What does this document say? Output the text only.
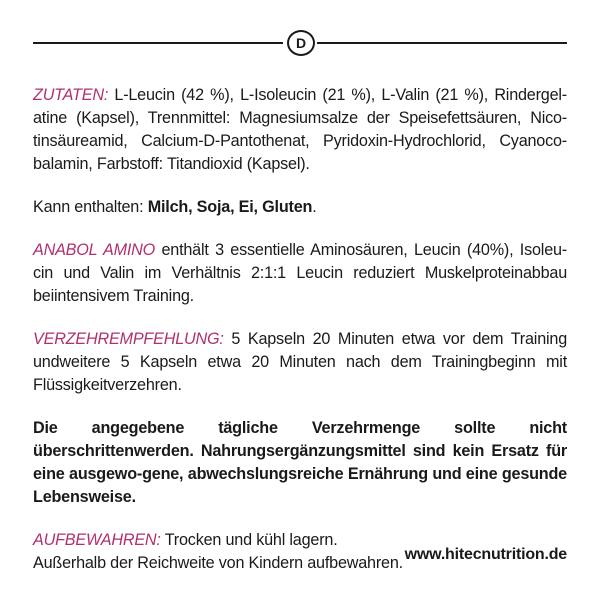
D

ZUTATEN: L-Leucin (42 %), L-Isoleucin (21 %), L-Valin (21 %), Rindergel-atine (Kapsel), Trennmittel: Magnesiumsalze der Speisefettsäuren, Nico-tinsäureamid, Calcium-D-Pantothenat, Pyridoxin-Hydrochlorid, Cyanoco-balamin, Farbstoff: Titandioxid (Kapsel).

Kann enthalten: Milch, Soja, Ei, Gluten.

ANABOL AMINO enthält 3 essentielle Aminosäuren, Leucin (40%), Isoleu-cin und Valin im Verhältnis 2:1:1 Leucin reduziert Muskelproteinabbau beiintensivem Training.

VERZEHREMPFEHLUNG: 5 Kapseln 20 Minuten etwa vor dem Training undweitere 5 Kapseln etwa 20 Minuten nach dem Trainingbeginn mit Flüssigkeitverzehren.

Die angegebene tägliche Verzehrmenge sollte nicht überschrittenwerden. Nahrungsergänzungsmittel sind kein Ersatz für eine ausgewo-gene, abwechslungsreiche Ernährung und eine gesunde Lebensweise.

AUFBEWAHREN: Trocken und kühl lagern.
Außerhalb der Reichweite von Kindern aufbewahren. www.hitecnutrition.de
